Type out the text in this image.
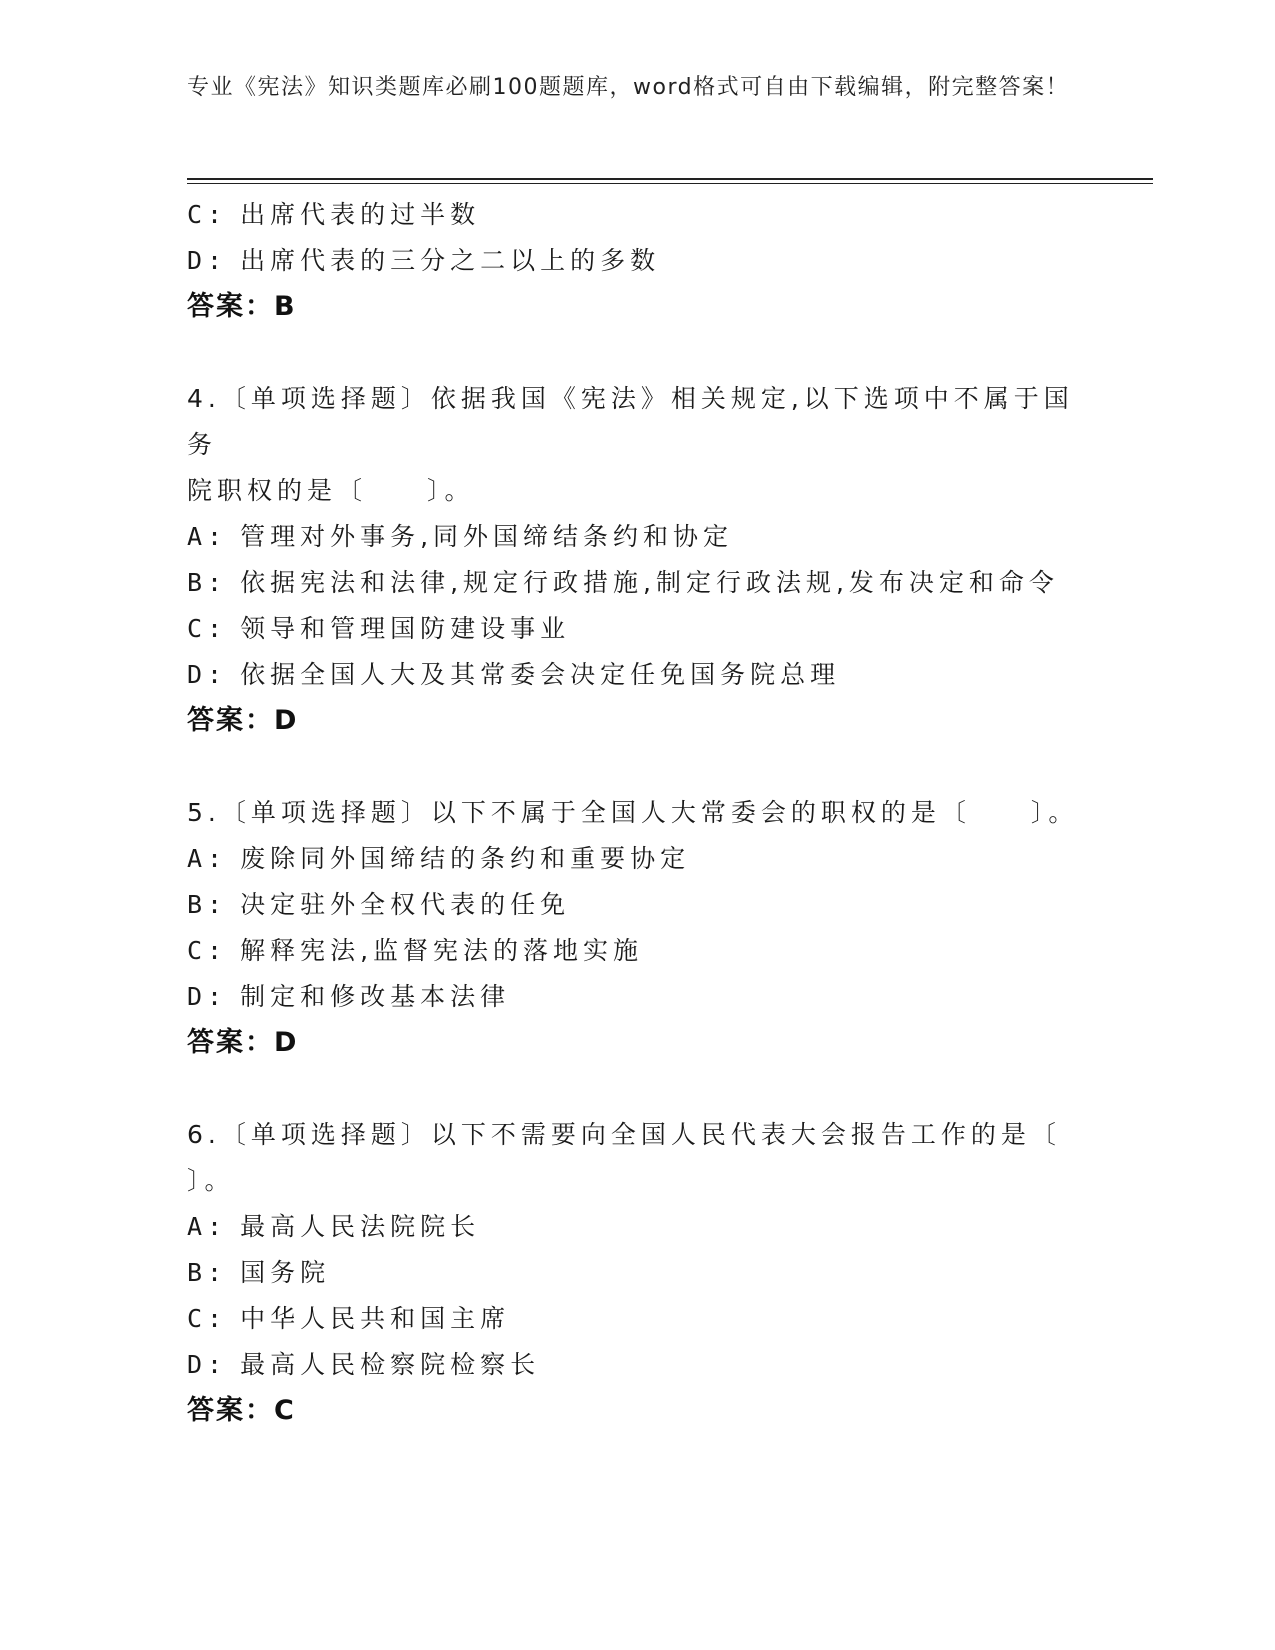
专业《宪法》知识类题库必刷100题题库，word格式可自由下载编辑，附完整答案！
C: 出席代表的过半数
D: 出席代表的三分之二以上的多数
答案：B
4.〔单项选择题〕依据我国《宪法》相关规定,以下选项中不属于国务
院职权的是〔　　〕。
A: 管理对外事务,同外国缔结条约和协定
B: 依据宪法和法律,规定行政措施,制定行政法规,发布决定和命令
C: 领导和管理国防建设事业
D: 依据全国人大及其常委会决定任免国务院总理
答案：D
5.〔单项选择题〕以下不属于全国人大常委会的职权的是〔　　〕。
A: 废除同外国缔结的条约和重要协定
B: 决定驻外全权代表的任免
C: 解释宪法,监督宪法的落地实施
D: 制定和修改基本法律
答案：D
6.〔单项选择题〕以下不需要向全国人民代表大会报告工作的是〔
〕。
A: 最高人民法院院长
B: 国务院
C: 中华人民共和国主席
D: 最高人民检察院检察长
答案：C
